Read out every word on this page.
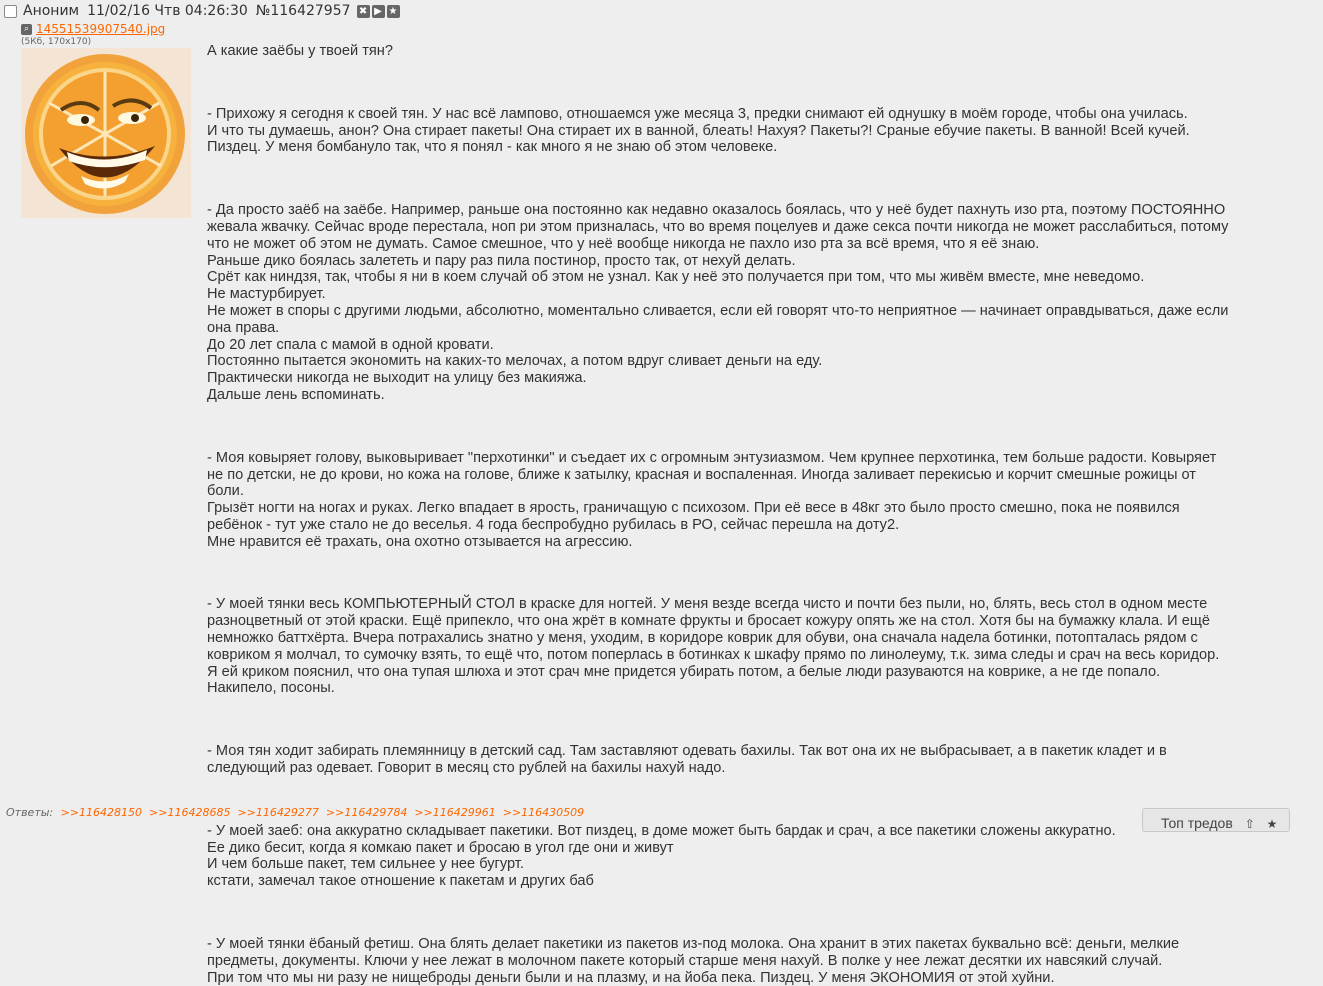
Аноним 11/02/16 Чтв 04:26:30 №116427957 ✖ ▶ ★
⌕ 14551539907540.jpg
(5Кб, 170x170)

А какие заёбы у твоей тян?

- Прихожу я сегодня к своей тян. У нас всё лампово, отношаемся уже месяца 3, предки снимают ей однушку в моём городе, чтобы она училась.

И что ты думаешь, анон? Она стирает пакеты! Она стирает их в ванной, блеать! Нахуя? Пакеты?! Сраные ебучие пакеты. В ванной! Всей кучей.

Пиздец. У меня бомбануло так, что я понял - как много я не знаю об этом человеке.

- Да просто заёб на заёбе. Например, раньше она постоянно как недавно оказалось боялась, что у неё будет пахнуть изо рта, поэтому ПОСТОЯННО

жевала жвачку. Сейчас вроде перестала, ноп ри этом призналась, что во время поцелуев и даже секса почти никогда не может расслабиться, потому

что не может об этом не думать. Самое смешное, что у неё вообще никогда не пахло изо рта за всё время, что я её знаю.

Раньше дико боялась залететь и пару раз пила постинор, просто так, от нехуй делать.

Срёт как ниндзя, так, чтобы я ни в коем случай об этом не узнал. Как у неё это получается при том, что мы живём вместе, мне неведомо.

Не мастурбирует.

Не может в споры с другими людьми, абсолютно, моментально сливается, если ей говорят что-то неприятное — начинает оправдываться, даже если

она права.

До 20 лет спала с мамой в одной кровати.

Постоянно пытается экономить на каких-то мелочах, а потом вдруг сливает деньги на еду.

Практически никогда не выходит на улицу без макияжа.

Дальше лень вспоминать.

- Моя ковыряет голову, выковыривает "перхотинки" и съедает их с огромным энтузиазмом. Чем крупнее перхотинка, тем больше радости. Ковыряет

не по детски, не до крови, но кожа на голове, ближе к затылку, красная и воспаленная. Иногда заливает перекисью и корчит смешные рожицы от

боли.

Грызёт ногти на ногах и руках. Легко впадает в ярость, граничащую с психозом. При её весе в 48кг это было просто смешно, пока не появился

ребёнок - тут уже стало не до веселья. 4 года беспробудно рубилась в РО, сейчас перешла на доту2.

Мне нравится её трахать, она охотно отзывается на агрессию.

- У моей тянки весь КОМПЬЮТЕРНЫЙ СТОЛ в краске для ногтей. У меня везде всегда чисто и почти без пыли, но, блять, весь стол в одном месте

разноцветный от этой краски. Ещё припекло, что она жрёт в комнате фрукты и бросает кожуру опять же на стол. Хотя бы на бумажку клала. И ещё

немножко баттхёрта. Вчера потрахались знатно у меня, уходим, в коридоре коврик для обуви, она сначала надела ботинки, потопталась рядом с

ковриком я молчал, то сумочку взять, то ещё что, потом поперлась в ботинках к шкафу прямо по линолеуму, т.к. зима следы и срач на весь коридор.

Я ей криком пояснил, что она тупая шлюха и этот срач мне придется убирать потом, а белые люди разуваются на коврике, а не где попало.

Накипело, посоны.

- Моя тян ходит забирать племянницу в детский сад. Там заставляют одевать бахилы. Так вот она их не выбрасывает, а в пакетик кладет и в

следующий раз одевает. Говорит в месяц сто рублей на бахилы нахуй надо.

- У моей заеб: она аккуратно складывает пакетики. Вот пиздец, в доме может быть бардак и срач, а все пакетики сложены аккуратно.

Ее дико бесит, когда я комкаю пакет и бросаю в угол где они и живут

И чем больше пакет, тем сильнее у нее бугурт.

кстати, замечал такое отношение к пакетам и других баб

- У моей тянки ёбаный фетиш. Она блять делает пакетики из пакетов из-под молока. Она хранит в этих пакетах буквально всё: деньги, мелкие

предметы, документы. Ключи у нее лежат в молочном пакете который старше меня нахуй. В полке у нее лежат десятки их навсякий случай.

При том что мы ни разу не нищеброды деньги были и на плазму, и на йоба пека. Пиздец. У меня ЭКОНОМИЯ от этой хуйни.

Ответы: >>116428150 >>116428685 >>116429277 >>116429784 >>116429961 >>116430509
Топ тредов ⇧ ★
